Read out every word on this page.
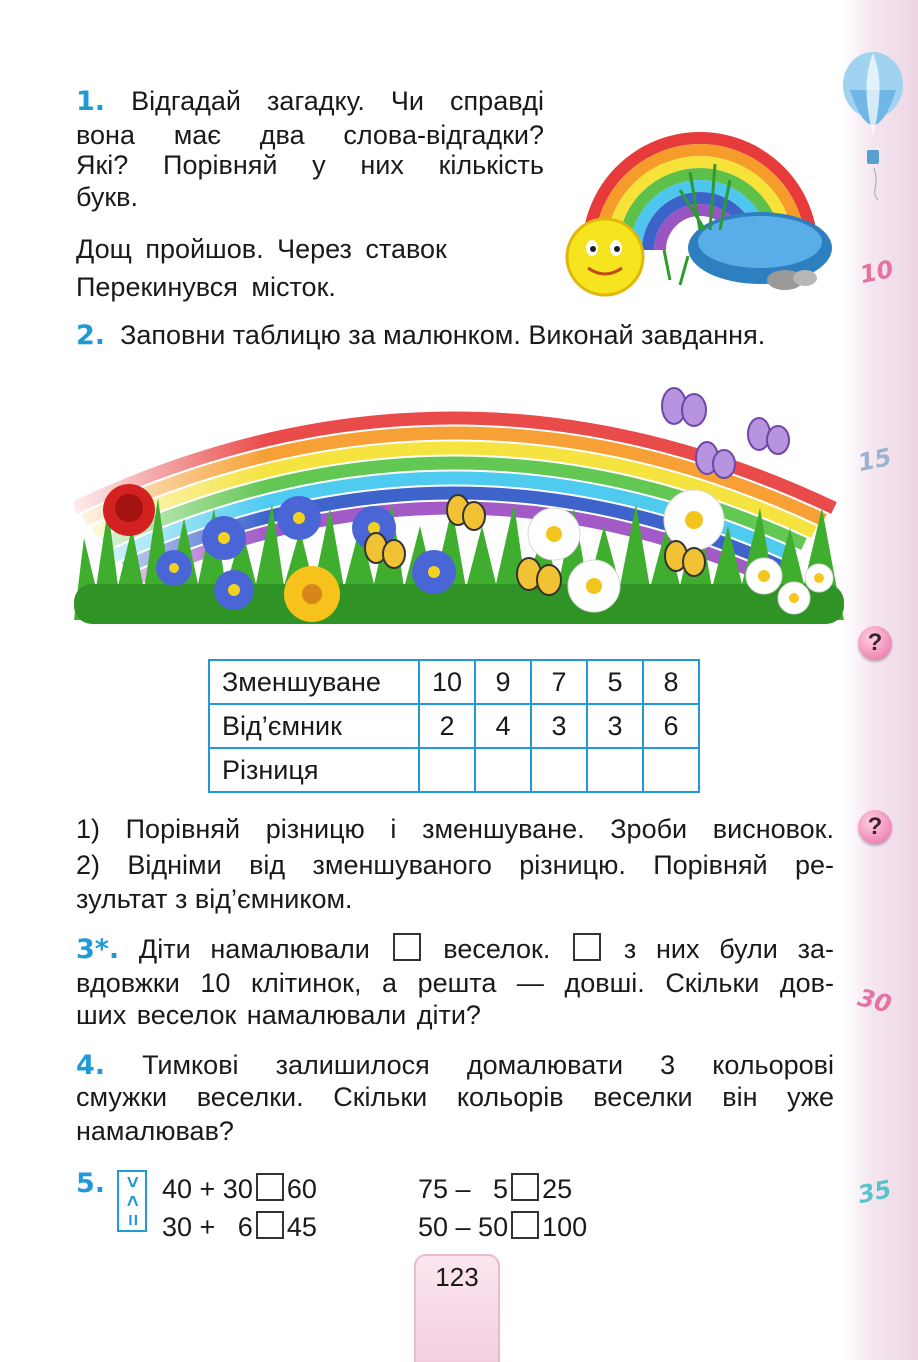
10
15
?
?
30
35
1. Відгадай загадку. Чи справді
вона має два слова-відгадки?
Які? Порівняй у них кількість
букв.
Дощ пройшов. Через ставок
Перекинувся місток.
2. Заповни таблицю за малюнком. Виконай завдання.
Зменшуване	10	9	7	5	8
Від’ємник	2	4	3	3	6
Різниця					
1) Порівняй різницю і зменшуване. Зроби висновок.
2) Відніми від зменшуваного різницю. Порівняй ре-
зультат з від’ємником.
3*. Діти намалювали	веселок.	з них були за-
вдовжки 10 клітинок, а решта — довші. Скільки дов-
ших веселок намалювали діти?
4. Тимкові залишилося домалювати 3 кольорові
смужки веселки. Скільки кольорів веселки він уже
намалював?
5. >
<
=
40 + 30 60
30 +   6 45
75 –   5 25
50 – 50 100
123
